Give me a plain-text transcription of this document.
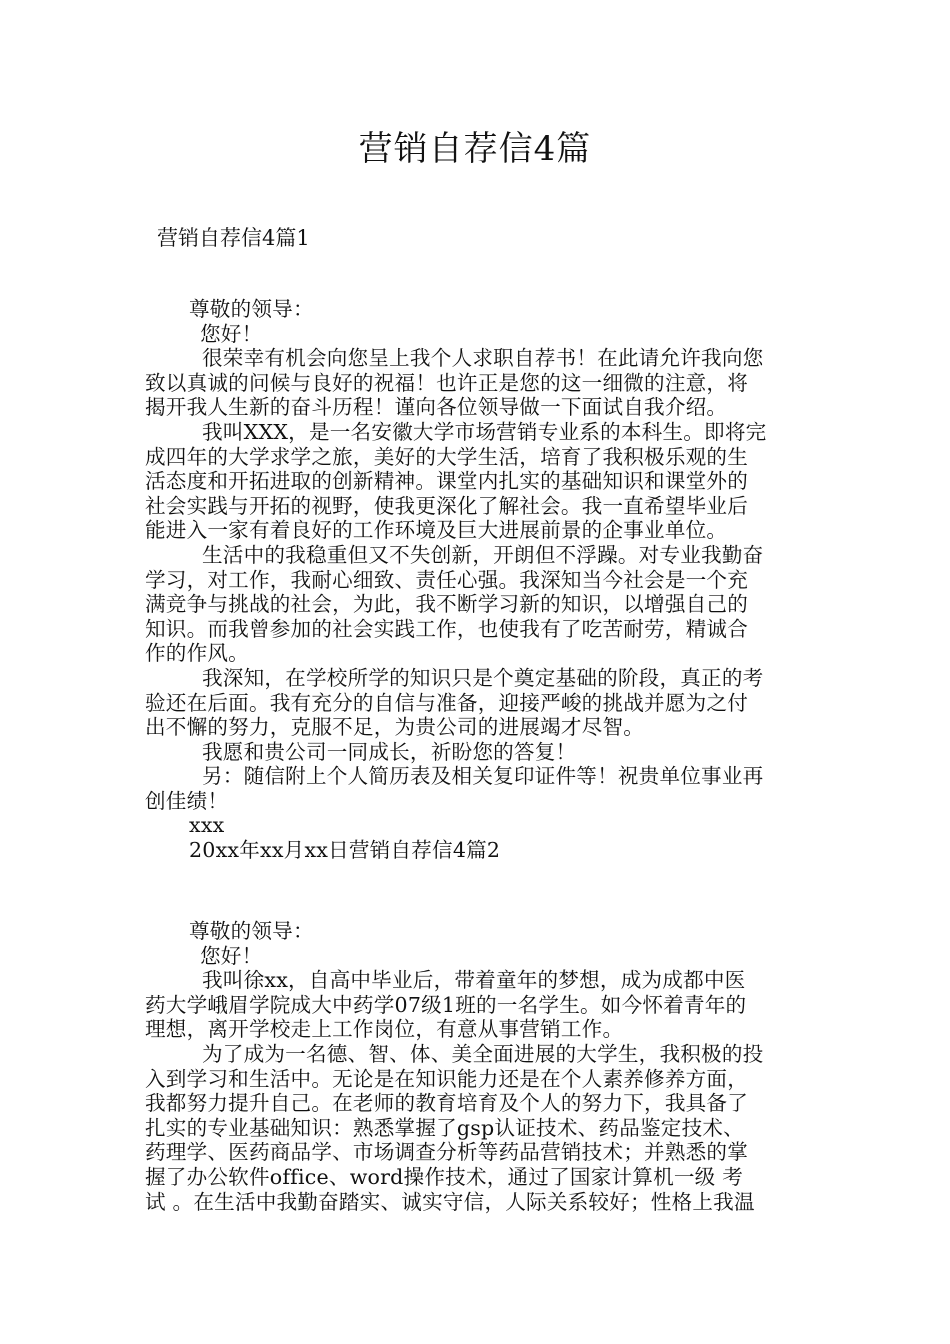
营销自荐信4篇
营销自荐信4篇1
尊敬的领导：
您好！
很荣幸有机会向您呈上我个人求职自荐书！在此请允许我向您
致以真诚的问候与良好的祝福！也许正是您的这一细微的注意，将
揭开我人生新的奋斗历程！谨向各位领导做一下面试自我介绍。
我叫XXX，是一名安徽大学市场营销专业系的本科生。即将完
成四年的大学求学之旅，美好的大学生活，培育了我积极乐观的生
活态度和开拓进取的创新精神。课堂内扎实的基础知识和课堂外的
社会实践与开拓的视野，使我更深化了解社会。我一直希望毕业后
能进入一家有着良好的工作环境及巨大进展前景的企事业单位。
生活中的我稳重但又不失创新，开朗但不浮躁。对专业我勤奋
学习，对工作，我耐心细致、责任心强。我深知当今社会是一个充
满竞争与挑战的社会，为此，我不断学习新的知识，以增强自己的
知识。而我曾参加的社会实践工作，也使我有了吃苦耐劳，精诚合
作的作风。
我深知，在学校所学的知识只是个奠定基础的阶段，真正的考
验还在后面。我有充分的自信与准备，迎接严峻的挑战并愿为之付
出不懈的努力，克服不足，为贵公司的进展竭才尽智。
我愿和贵公司一同成长，祈盼您的答复！
另：随信附上个人简历表及相关复印证件等！祝贵单位事业再
创佳绩！
xxx
20xx年xx月xx日营销自荐信4篇2
尊敬的领导：
您好！
我叫徐xx，自高中毕业后，带着童年的梦想，成为成都中医
药大学峨眉学院成大中药学07级1班的一名学生。如今怀着青年的
理想，离开学校走上工作岗位，有意从事营销工作。
为了成为一名德、智、体、美全面进展的大学生，我积极的投
入到学习和生活中。无论是在知识能力还是在个人素养修养方面，
我都努力提升自己。在老师的教育培育及个人的努力下，我具备了
扎实的专业基础知识：熟悉掌握了gsp认证技术、药品鉴定技术、
药理学、医药商品学、市场调查分析等药品营销技术；并熟悉的掌
握了办公软件office、word操作技术，通过了国家计算机一级 考
试 。在生活中我勤奋踏实、诚实守信，人际关系较好；性格上我温
